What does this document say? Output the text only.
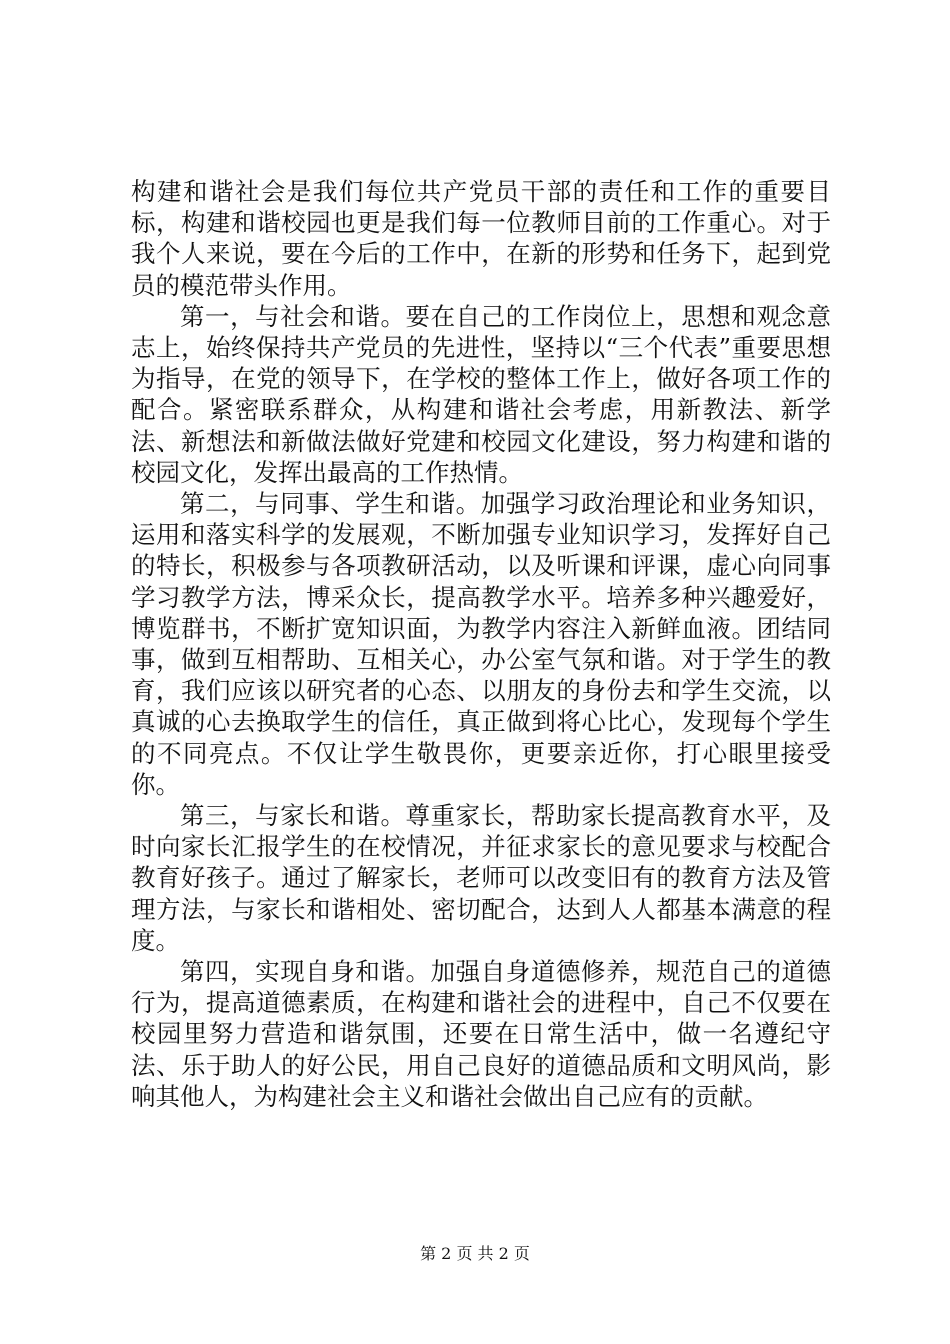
构建和谐社会是我们每位共产党员干部的责任和工作的重要目标，构建和谐校园也更是我们每一位教师目前的工作重心。对于我个人来说，要在今后的工作中，在新的形势和任务下，起到党员的模范带头作用。

第一，与社会和谐。要在自己的工作岗位上，思想和观念意志上，始终保持共产党员的先进性，坚持以“三个代表”重要思想为指导，在党的领导下，在学校的整体工作上，做好各项工作的配合。紧密联系群众，从构建和谐社会考虑，用新教法、新学法、新想法和新做法做好党建和校园文化建设，努力构建和谐的校园文化，发挥出最高的工作热情。

第二，与同事、学生和谐。加强学习政治理论和业务知识，运用和落实科学的发展观，不断加强专业知识学习，发挥好自己的特长，积极参与各项教研活动，以及听课和评课，虚心向同事学习教学方法，博采众长，提高教学水平。培养多种兴趣爱好，博览群书，不断扩宽知识面，为教学内容注入新鲜血液。团结同事，做到互相帮助、互相关心，办公室气氛和谐。对于学生的教育，我们应该以研究者的心态、以朋友的身份去和学生交流，以真诚的心去换取学生的信任，真正做到将心比心，发现每个学生的不同亮点。不仅让学生敬畏你，更要亲近你，打心眼里接受你。

第三，与家长和谐。尊重家长，帮助家长提高教育水平，及时向家长汇报学生的在校情况，并征求家长的意见要求与校配合教育好孩子。通过了解家长，老师可以改变旧有的教育方法及管理方法，与家长和谐相处、密切配合，达到人人都基本满意的程度。

第四，实现自身和谐。加强自身道德修养，规范自己的道德行为，提高道德素质，在构建和谐社会的进程中，自己不仅要在校园里努力营造和谐氛围，还要在日常生活中，做一名遵纪守法、乐于助人的好公民，用自己良好的道德品质和文明风尚，影响其他人，为构建社会主义和谐社会做出自己应有的贡献。

第 2 页 共 2 页
